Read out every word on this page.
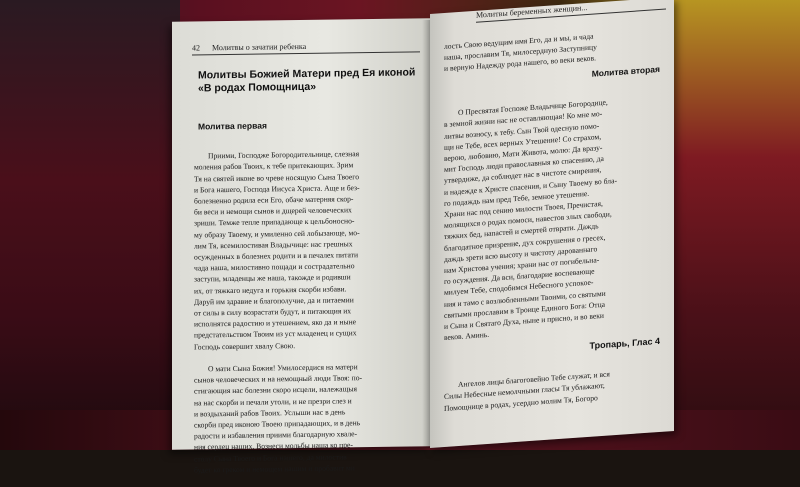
42 Молитвы о зачатии ребенка
Молитвы Божией Матери пред Ея иконой «В родах Помощница»
Молитва первая

Приими, Господже Богородительнице, слезная
моления рабов Твоих, к тебе притекающих. Зрим
Тя на святей иконе во чреве носящую Сына Твоего
и Бога нашего, Господа Иисуса Христа. Аще и без-
болезненно родила еси Его, обаче матерняя скор-
би веси и немощи сынов и дщерей человеческих
зриши. Темже тепле припадающе к цельбоносно-
му образу Твоему, и умиленно сей лобызающе, мо-
лим Тя, всемилостивая Владычице: нас грешных
осужденных в болезнех родити и в печалех питати
чада наша, милостивно пощади и сострадательно
заступи, младенцы же наша, такожде и родивши
их, от тяжкаго недуга и горькия скорби избави.
Даруй им здравие и благополучие, да и питаемии
от силы в силу возрастати будут, и питающия их
исполнятся радостию и утешением, яко да и ныне
предстательством Твоим из уст младенец и сущих
Господь совершит хвалу Свою.

О мати Сына Божия! Умилосердися на матери
сынов человеческих и на немощный люди Твоя: по-
стигающия нас болезни скоро исцели, належащыя
на нас скорби и печали утоли, и не презри слез и
и воздыханий рабов Твоих. Услыши нас в день
скорби пред иконою Твоею припадающих, и в день
радости и избавления приими благодарную хвале-
ния сердец наших. Вознеси мольбы наша ко пре-
столу Сына Твоего и Бога нашего, да милостив
будет ко греком и немощем нашим и пробавит ми

Молитвы беременных женщин...
лость Свою ведущим имя Его, да и мы, и чада
наша, прославим Тя, милосердную Заступницу
и верную Надежду рода нашего, во веки веков.
Молитва вторая

О Пресвятая Госпоже Владычице Богородице,
в земной жизни нас не оставляющая! Ко мне мо-
литвы возносу, к тебу. Сын Твой одесную помо-
щи не Тебе, всех верных Утешение! Со страхом,
верою, любовию, Мати Живота, молю: Да вразу-
мит Господь люди православныя ко спасению, да
утвердиже, да соблюдет нас в чистоте смирения,
и надежде к Христе спасения, и Сыну Твоему во бла-
го подаждь нам пред Тебе, земное утешение.
Храни нас под сению милости Твоея, Пречистая,
молящихся о родах помоси, навестов злых свободи,
тяжких бед, напастей и смертей отврати. Даждь
благодатное призрение, дух сокрушения о гресех,
даждь зрети всю высоту и чистоту дарованнаго
нам Христова учения; храни нас от погибельна-
го осуждения. Да вси, благодарие воспевающе
милуем Тебе, сподобимся Небесного успокое-
ния и тамо с возлюбленными Твоими, со святыми
святыми прославим в Троице Единого Бога: Отца
и Сына и Святаго Духа, ныне и присно, и во веки
веков. Аминь.

Тропарь, Глас 4

Ангелов лицы благоговейно Тебе служат, и вся
Силы Небесные немолчными гласы Тя ублажают,
Помощнице в родах, усердно молим Тя, Богоро
